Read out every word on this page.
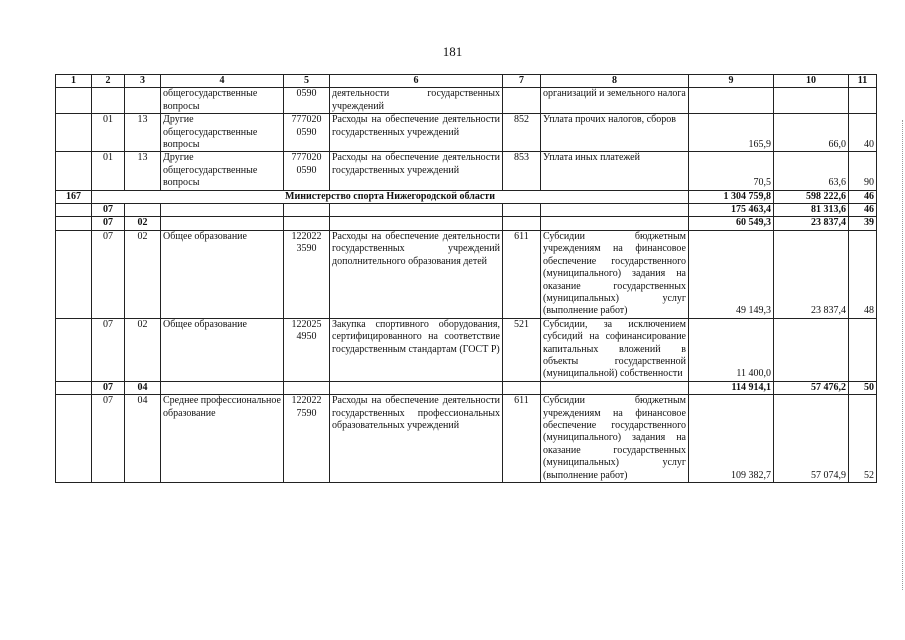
181
1	2	3	4	5	6	7	8	9	10	11
			общегосударственные вопросы	0590	деятельности государственных учреждений		организаций и земельного налога			
	01	13	Другие общегосударственные вопросы	777020 0590	Расходы на обеспечение деятельности государственных учреждений	852	Уплата прочих налогов, сборов	165,9	66,0	40
	01	13	Другие общегосударственные вопросы	777020 0590	Расходы на обеспечение деятельности государственных учреждений	853	Уплата иных платежей	70,5	63,6	90
167	Министерство спорта Нижегородской области							1 304 759,8	598 222,6	46
	07							175 463,4	81 313,6	46
	07	02						60 549,3	23 837,4	39
	07	02	Общее образование	122022 3590	Расходы на обеспечение деятельности государственных учреждений дополнительного образования детей	611	Субсидии бюджетным учреждениям на финансовое обеспечение государственного (муниципального) задания на оказание государственных (муниципальных) услуг (выполнение работ)	49 149,3	23 837,4	48
	07	02	Общее образование	122025 4950	Закупка спортивного оборудования, сертифицированного на соответствие государственным стандартам (ГОСТ Р)	521	Субсидии, за исключением субсидий на софинансирование капитальных вложений в объекты государственной (муниципальной) собственности	11 400,0		
	07	04						114 914,1	57 476,2	50
	07	04	Среднее профессиональное образование	122022 7590	Расходы на обеспечение деятельности государственных профессиональных образовательных учреждений	611	Субсидии бюджетным учреждениям на финансовое обеспечение государственного (муниципального) задания на оказание государственных (муниципальных) услуг (выполнение работ)	109 382,7	57 074,9	52
